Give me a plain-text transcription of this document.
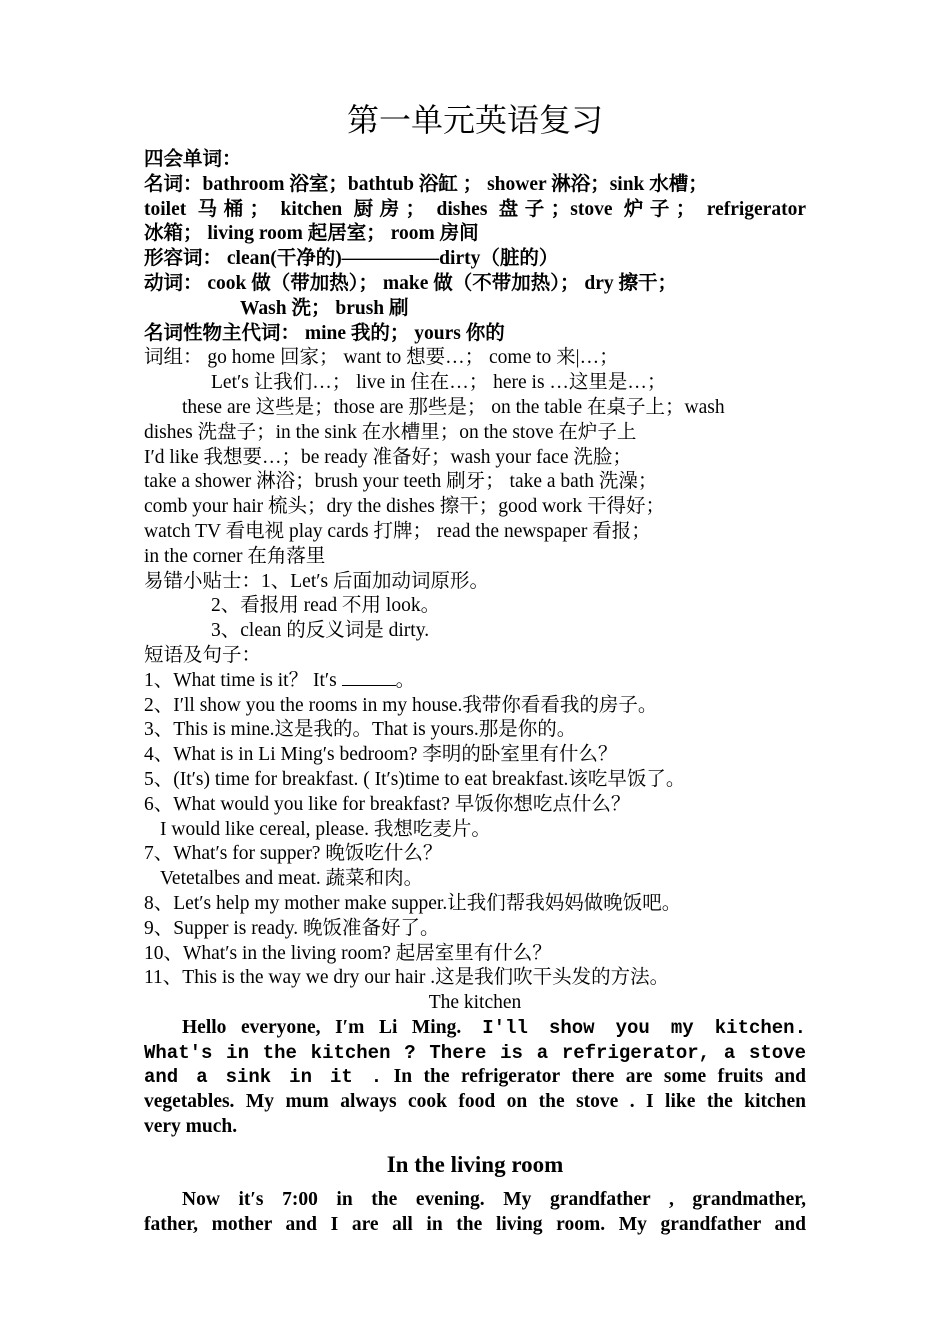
第一单元英语复习
四会单词：
名词：bathroom 浴室；bathtub 浴缸 ； shower 淋浴；sink 水槽；
toilet 马桶； kitchen 厨房； dishes 盘子；stove 炉子； refrigerator
冰箱； living room 起居室； room 房间
形容词： clean(干净的)—————dirty（脏的）
动词： cook 做（带加热）； make 做（不带加热）； dry 擦干；
Wash 洗； brush 刷
名词性物主代词： mine 我的； yours 你的
词组： go home 回家； want to 想要…； come to 来|…；
Let′s 让我们…； live in 住在…； here is …这里是…；
these are 这些是；those are 那些是； on the table 在桌子上；wash
dishes 洗盘子；in the sink 在水槽里；on the stove 在炉子上
I′d like 我想要…；be ready 准备好；wash your face 洗脸；
take a shower 淋浴；brush your teeth 刷牙； take a bath 洗澡；
comb your hair 梳头；dry the dishes 擦干；good work 干得好；
watch TV 看电视 play cards 打牌； read the newspaper 看报；
in the corner 在角落里
易错小贴士：1、Let′s 后面加动词原形。
2、看报用 read 不用 look。
3、clean 的反义词是 dirty.
短语及句子：
1、What time is it？ It′s	。
2、I′ll show you the rooms in my house.我带你看看我的房子。
3、This is mine.这是我的。That is yours.那是你的。
4、What is in Li Ming′s bedroom? 李明的卧室里有什么？
5、(It′s) time for breakfast. ( It′s)time to eat breakfast.该吃早饭了。
6、What would you like for breakfast? 早饭你想吃点什么？
I would like cereal, please. 我想吃麦片。
7、What′s for supper? 晚饭吃什么？
Vetetalbes and meat. 蔬菜和肉。
8、Let′s help my mother make supper.让我们帮我妈妈做晚饭吧。
9、Supper is ready. 晚饭准备好了。
10、What′s in the living room? 起居室里有什么？
11、This is the way we dry our hair .这是我们吹干头发的方法。
The kitchen
Hello everyone, I′m Li Ming. I′ll show you my kitchen.
What′s in the kitchen ? There is a refrigerator, a stove
and a sink in it . In the refrigerator there are some fruits and
vegetables. My mum always cook food on the stove . I like the kitchen
very much.
In the living room
Now it′s 7:00 in the evening. My grandfather , grandmather,
father, mother and I are all in the living room. My grandfather and
